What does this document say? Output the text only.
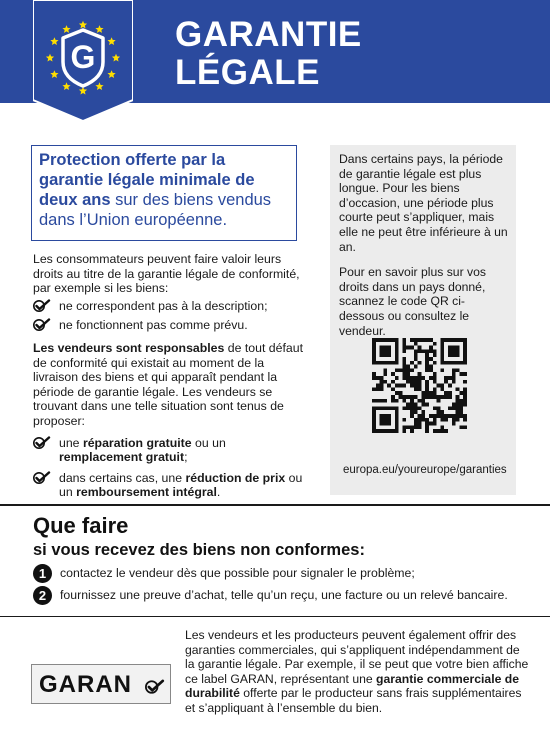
G
GARANTIE
LÉGALE
Protection offerte par la garantie légale minimale de deux ans sur des biens vendus dans l’Union européenne.

Les consommateurs peuvent faire valoir leurs droits au titre de la garantie légale de conformité, par exemple si les biens:

ne correspondent pas à la description;
ne fonctionnent pas comme prévu.

Les vendeurs sont responsables de tout défaut de conformité qui existait au moment de la livraison des biens et qui apparaît pendant la période de garantie légale. Les vendeurs se trouvant dans une telle situation sont tenus de proposer:

une réparation gratuite ou un remplacement gratuit;
dans certains cas, une réduction de prix ou un remboursement intégral.

Dans certains pays, la période de garantie légale est plus longue. Pour les biens d’occasion, une période plus courte peut s’appliquer, mais elle ne peut être inférieure à un an.

Pour en savoir plus sur vos droits dans un pays donné, scannez le code QR ci-dessous ou consultez le vendeur.

europa.eu/youreurope/garanties
Que faire
si vous recevez des biens non conformes:
1 contactez le vendeur dès que possible pour signaler le problème;
2 fournissez une preuve d’achat, telle qu’un reçu, une facture ou un relevé bancaire.
GARAN
Les vendeurs et les producteurs peuvent également offrir des garanties commerciales, qui s’appliquent indépendamment de la garantie légale. Par exemple, il se peut que votre bien affiche ce label GARAN, représentant une garantie commerciale de durabilité offerte par le producteur sans frais supplémentaires et s’appliquant à l’ensemble du bien.
